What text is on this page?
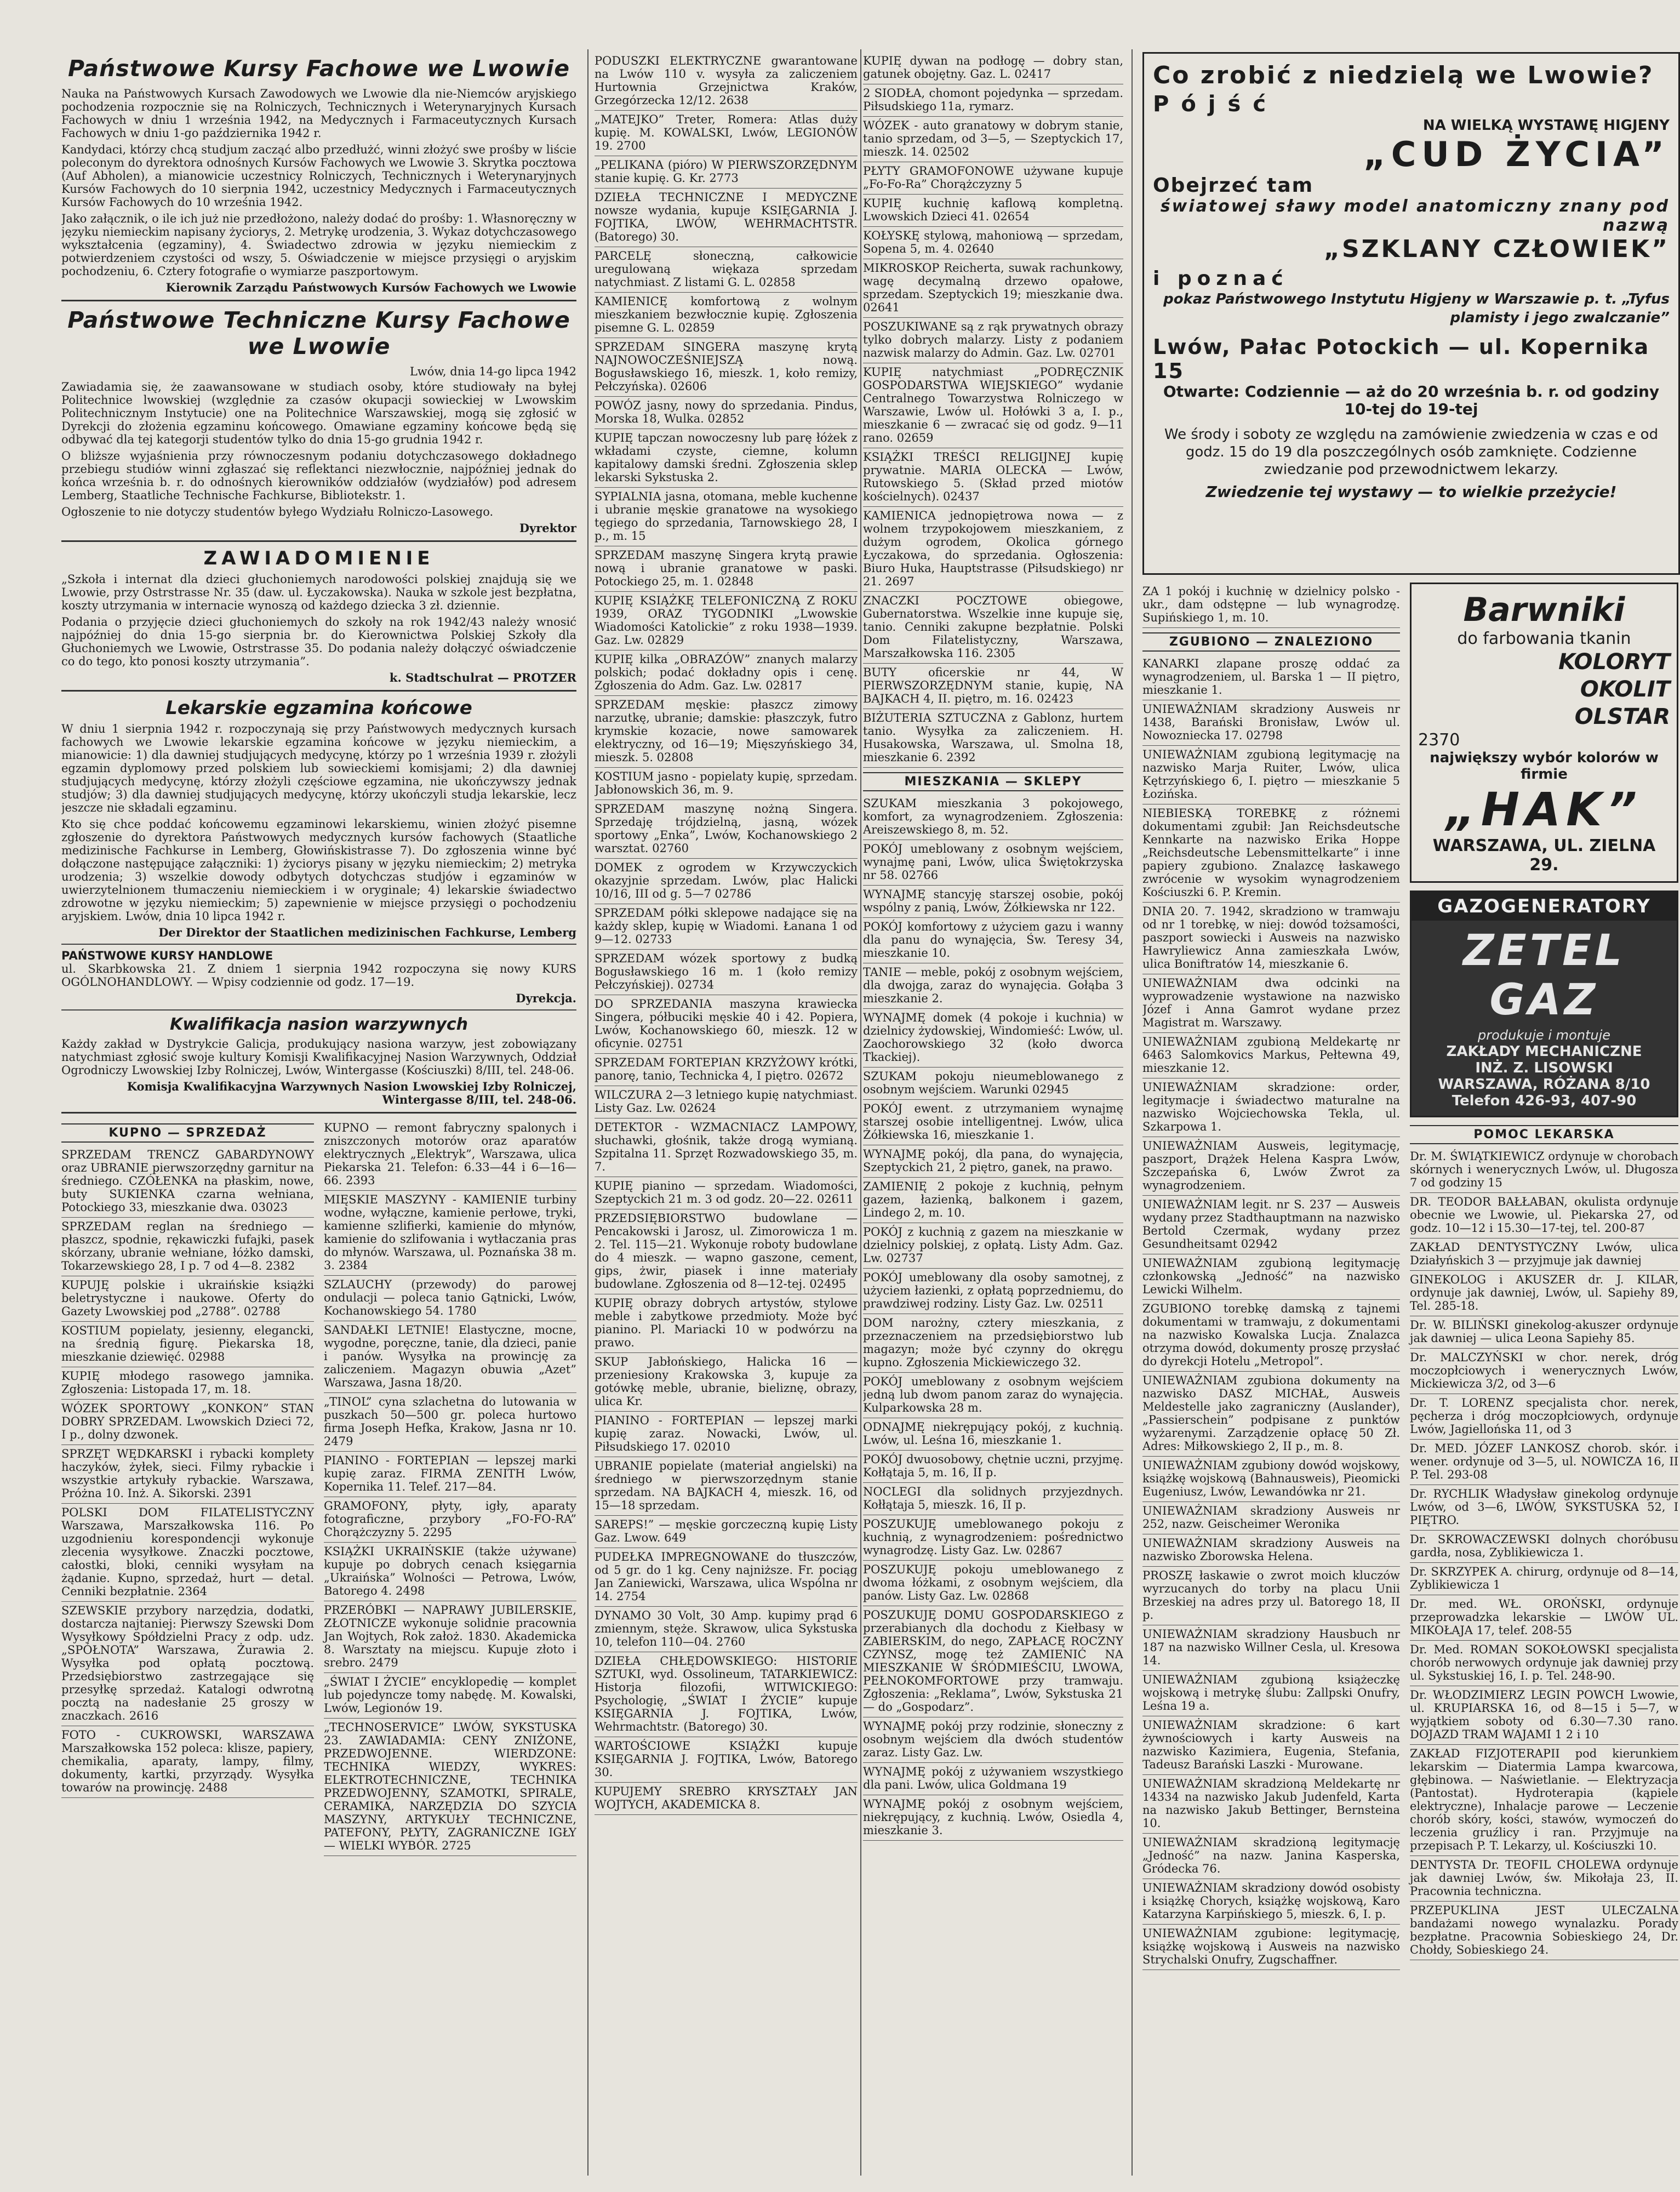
Państwowe Kursy Fachowe we Lwowie

Nauka na Państwowych Kursach Zawodowych we Lwowie dla nie-Niemców aryjskiego pochodzenia rozpocznie się na Rolniczych, Technicznych i Weterynaryjnych Kursach Fachowych w dniu 1 września 1942, na Medycznych i Farmaceutycznych Kursach Fachowych w dniu 1-go października 1942 r.

Kandydaci, którzy chcą studjum zacząć albo przedłużć, winni złożyć swe prośby w liście poleconym do dyrektora odnośnych Kursów Fachowych we Lwowie 3. Skrytka pocztowa (Auf Abholen), a mianowicie uczestnicy Rolniczych, Technicznych i Weterynaryjnych Kursów Fachowych do 10 sierpnia 1942, uczestnicy Medycznych i Farmaceutycznych Kursów Fachowych do 10 września 1942.

Jako załącznik, o ile ich już nie przedłożono, należy dodać do prośby: 1. Własnoręczny w języku niemieckim napisany życiorys, 2. Metrykę urodzenia, 3. Wykaz dotychczasowego wykształcenia (egzaminy), 4. Świadectwo zdrowia w języku niemieckim z potwierdzeniem czystości od wszy, 5. Oświadczenie w miejsce przysięgi o aryjskim pochodzeniu, 6. Cztery fotografie o wymiarze paszportowym.

Kierownik Zarządu Państwowych Kursów Fachowych we Lwowie
Państwowe Techniczne Kursy Fachowe we Lwowie
Lwów, dnia 14-go lipca 1942

Zawiadamia się, że zaawansowane w studiach osoby, które studiowały na byłej Politechnice lwowskiej (względnie za czasów okupacji sowieckiej w Lwowskim Politechnicznym Instytucie) one na Politechnice Warszawskiej, mogą się zgłosić w Dyrekcji do złożenia egzaminu końcowego. Omawiane egzaminy końcowe będą się odbywać dla tej kategorji studentów tylko do dnia 15-go grudnia 1942 r.

O bliższe wyjaśnienia przy równoczesnym podaniu dotychczasowego dokładnego przebiegu studiów winni zgłaszać się reflektanci niezwłocznie, najpóźniej jednak do końca września b. r. do odnośnych kierowników oddziałów (wydziałów) pod adresem Lemberg, Staatliche Technische Fachkurse, Bibliotekstr. 1.

Ogłoszenie to nie dotyczy studentów byłego Wydziału Rolniczo-Lasowego.

Dyrektor
ZAWIADOMIENIE

„Szkoła i internat dla dzieci głuchoniemych narodowości polskiej znajdują się we Lwowie, przy Ostrstrasse Nr. 35 (daw. ul. Łyczakowska). Nauka w szkole jest bezpłatna, koszty utrzymania w internacie wynoszą od każdego dziecka 3 zł. dziennie.

Podania o przyjęcie dzieci głuchoniemych do szkoły na rok 1942/43 należy wnosić najpóźniej do dnia 15-go sierpnia br. do Kierownictwa Polskiej Szkoły dla Głuchoniemych we Lwowie, Ostrstrasse 35. Do podania należy dołączyć oświadczenie co do tego, kto ponosi koszty utrzymania”.

k. Stadtschulrat — PROTZER
Lekarskie egzamina końcowe

W dniu 1 sierpnia 1942 r. rozpoczynają się przy Państwowych medycznych kursach fachowych we Lwowie lekarskie egzamina końcowe w języku niemieckim, a mianowicie: 1) dla dawniej studjujących medycynę, którzy po 1 września 1939 r. złożyli egzamin dyplomowy przed polskiem lub sowieckiemi komisjami; 2) dla dawniej studjujących medycynę, którzy złożyli częściowe egzamina, nie ukończywszy jednak studjów; 3) dla dawniej studjujących medycynę, którzy ukończyli studja lekarskie, lecz jeszcze nie składali egzaminu.

Kto się chce poddać końcowemu egzaminowi lekarskiemu, winien złożyć pisemne zgłoszenie do dyrektora Państwowych medycznych kursów fachowych (Staatliche medizinische Fachkurse in Lemberg, Głowińskistrasse 7). Do zgłoszenia winne być dołączone następujące załączniki: 1) życiorys pisany w języku niemieckim; 2) metryka urodzenia; 3) wszelkie dowody odbytych dotychczas studjów i egzaminów w uwierzytelnionem tłumaczeniu niemieckiem i w oryginale; 4) lekarskie świadectwo zdrowotne w języku niemieckim; 5) zapewnienie w miejsce przysięgi o pochodzeniu aryjskiem. Lwów, dnia 10 lipca 1942 r.

Der Direktor der Staatlichen medizinischen Fachkurse, Lemberg
PAŃSTWOWE KURSY HANDLOWE

ul. Skarbkowska 21. Z dniem 1 sierpnia 1942 rozpoczyna się nowy KURS OGÓLNOHANDLOWY. — Wpisy codziennie od godz. 17—19.

Dyrekcja.
Kwalifikacja nasion warzywnych

Każdy zakład w Dystrykcie Galicja, produkujący nasiona warzyw, jest zobowiązany natychmiast zgłosić swoje kultury Komisji Kwalifikacyjnej Nasion Warzywnych, Oddział Ogrodniczy Lwowskiej Izby Rolniczej, Lwów, Wintergasse (Kościuszki) 8/III, tel. 248-06.

Komisja Kwalifikacyjna Warzywnych Nasion Lwowskiej Izby Rolniczej, Wintergasse 8/III, tel. 248-06.
KUPNO — SPRZEDAŻ

SPRZEDAM TRENCZ GABARDYNOWY oraz UBRANIE pierwszorzędny garnitur na średniego. CZÓŁENKA na płaskim, nowe, buty SUKIENKA czarna wełniana, Potockiego 33, mieszkanie dwa. 03023

SPRZEDAM reglan na średniego — płaszcz, spodnie, rękawiczki fufajki, pasek skórzany, ubranie wełniane, łóżko damski, Tokarzewskiego 28, I p. 7 od 4—8. 2382

KUPUJĘ polskie i ukraińskie książki beletrystyczne i naukowe. Oferty do Gazety Lwowskiej pod „2788”. 02788

KOSTIUM popielaty, jesienny, elegancki, na średnią figurę. Piekarska 18, mieszkanie dziewięć. 02988

KUPIĘ młodego rasowego jamnika. Zgłoszenia: Listopada 17, m. 18.

WÓZEK SPORTOWY „KONKON” STAN DOBRY SPRZEDAM. Lwowskich Dzieci 72, I p., dolny dzwonek.

SPRZĘT WĘDKARSKI i rybacki komplety haczyków, żyłek, sieci. Filmy rybackie i wszystkie artykuły rybackie. Warszawa, Próżna 10. Inż. A. Sikorski. 2391

POLSKI DOM FILATELISTYCZNY Warszawa, Marszałkowska 116. Po uzgodnieniu korespondencji wykonuje zlecenia wysyłkowe. Znaczki pocztowe, całostki, bloki, cenniki wysyłam na żądanie. Kupno, sprzedaż, hurt — detal. Cenniki bezpłatnie. 2364

SZEWSKIE przybory narzędzia, dodatki, dostarcza najtaniej: Pierwszy Szewski Dom Wysyłkowy Spółdzielni Pracy z odp. udz. „SPÓŁNOTA” Warszawa, Żurawia 2. Wysyłka pod opłatą pocztową. Przedsiębiorstwo zastrzegające się przesyłkę sprzedaż. Katalogi odwrotną pocztą na nadesłanie 25 groszy w znaczkach. 2616

FOTO - CUKROWSKI, WARSZAWA Marszałkowska 152 poleca: klisze, papiery, chemikalia, aparaty, lampy, filmy, dokumenty, kartki, przyrządy. Wysyłka towarów na prowincję. 2488

KUPNO — remont fabryczny spalonych i zniszczonych motorów oraz aparatów elektrycznych „Elektryk”, Warszawa, ulica Piekarska 21. Telefon: 6.33—44 i 6—16—66. 2393

MIĘSKIE MASZYNY - KAMIENIE turbiny wodne, wyłączne, kamienie perłowe, tryki, kamienne szlifierki, kamienie do młynów, kamienie do szlifowania i wytłaczania pras do młynów. Warszawa, ul. Poznańska 38 m. 3. 2384

SZLAUCHY (przewody) do parowej ondulacji — poleca tanio Gątnicki, Lwów, Kochanowskiego 54. 1780

SANDAŁKI LETNIE! Elastyczne, mocne, wygodne, poręczne, tanie, dla dzieci, panie i panów. Wysyłka na prowincję za zaliczeniem. Magazyn obuwia „Azet” Warszawa, Jasna 18/20.

„TINOL” cyna szlachetna do lutowania w puszkach 50—500 gr. poleca hurtowo firma Joseph Hefka, Krakow, Jasna nr 10. 2479

PIANINO - FORTEPIAN — lepszej marki kupię zaraz. FIRMA ZENITH Lwów, Kopernika 11. Telef. 217—84.

GRAMOFONY, płyty, igły, aparaty fotograficzne, przybory „FO-FO-RA” Chorążczyzny 5. 2295

KSIĄŻKI UKRAIŃSKIE (także używane) kupuje po dobrych cenach księgarnia „Ukraińska” Wolności — Petrowa, Lwów, Batorego 4. 2498

PRZERÓBKI — NAPRAWY JUBILERSKIE, ZŁOTNICZE wykonuje solidnie pracownia Jan Wojtych, Rok założ. 1830. Akademicka 8. Warsztaty na miejscu. Kupuje złoto i srebro. 2479

„ŚWIAT I ŻYCIE” encyklopedię — komplet lub pojedyncze tomy nabędę. M. Kowalski, Lwów, Legionów 19.

„TECHNOSERVICE” LWÓW, SYKSTUSKA 23. ZAWIADAMIA: CENY ZNIŻONE, PRZEDWOJENNE. WIERDZONE: TECHNIKA WIEDZY, WYKRES: ELEKTROTECHNICZNE, TECHNIKA PRZEDWOJENNY, SZAMOTKI, SPIRALE, CERAMIKA, NARZĘDZIA DO SZYCIA MASZYNY, ARTYKUŁY TECHNICZNE, PATEFONY, PŁYTY, ZAGRANICZNE IGŁY — WIELKI WYBÓR. 2725

PODUSZKI ELEKTRYCZNE gwarantowane na Lwów 110 v. wysyła za zaliczeniem Hurtownia Grzejnictwa Kraków, Grzegórzecka 12/12. 2638

„MATEJKO” Treter, Romera: Atlas duży kupię. M. KOWALSKI, Lwów, LEGIONÓW 19. 2700

„PELIKANA (pióro) W PIERWSZORZĘDNYM stanie kupię. G. Kr. 2773

DZIEŁA TECHNICZNE I MEDYCZNE nowsze wydania, kupuje KSIĘGARNIA J. FOJTIKA, LWÓW, WEHRMACHTSTR. (Batorego) 30.

PARCELĘ słoneczną, całkowicie uregulowaną więkaza sprzedam natychmiast. Z listami G. L. 02858

KAMIENICĘ komfortową z wolnym mieszkaniem bezwłocznie kupię. Zgłoszenia pisemne G. L. 02859

SPRZEDAM SINGERA maszynę krytą NAJNOWOCZEŚNIEJSZĄ nową. Bogusławskiego 16, mieszk. 1, koło remizy, Pełczyńska). 02606

POWÓZ jasny, nowy do sprzedania. Pindus, Morska 18, Wulka. 02852

KUPIĘ tapczan nowoczesny lub parę łóżek z wkładami czyste, ciemne, kolumn kapitalowy damski średni. Zgłoszenia sklep lekarski Sykstuska 2.

SYPIALNIA jasna, otomana, meble kuchenne i ubranie męskie granatowe na wysokiego tęgiego do sprzedania, Tarnowskiego 28, I p., m. 15

SPRZEDAM maszynę Singera krytą prawie nową i ubranie granatowe w paski. Potockiego 25, m. 1. 02848

KUPIĘ KSIĄŻKĘ TELEFONICZNĄ Z ROKU 1939, ORAZ TYGODNIKI „Lwowskie Wiadomości Katolickie” z roku 1938—1939. Gaz. Lw. 02829

KUPIĘ kilka „OBRAZÓW” znanych malarzy polskich; podać dokładny opis i cenę. Zgłoszenia do Adm. Gaz. Lw. 02817

SPRZEDAM męskie: płaszcz zimowy narzutkę, ubranie; damskie: płaszczyk, futro krymskie kozacie, nowe samowarek elektryczny, od 16—19; Mięszyńskiego 34, mieszk. 5. 02808

KOSTIUM jasno - popielaty kupię, sprzedam. Jabłonowskich 36, m. 9.

SPRZEDAM maszynę nożną Singera. Sprzedaję trójdzielną, jasną, wózek sportowy „Enka”, Lwów, Kochanowskiego 2 warsztat. 02760

DOMEK z ogrodem w Krzywczyckich okazyjnie sprzedam. Lwów, plac Halicki 10/16, III od g. 5—7 02786

SPRZEDAM półki sklepowe nadające się na każdy sklep, kupię w Wiadomi. Łanana 1 od 9—12. 02733

SPRZEDAM wózek sportowy z budką Bogusławskiego 16 m. 1 (koło remizy Pełczyńskiej). 02734

DO SPRZEDANIA maszyna krawiecka Singera, półbuciki męskie 40 i 42. Popiera, Lwów, Kochanowskiego 60, mieszk. 12 w oficynie. 02751

SPRZEDAM FORTEPIAN KRZYŻOWY krótki, panorę, tanio, Technicka 4, I piętro. 02672

WILCZURA 2—3 letniego kupię natychmiast. Listy Gaz. Lw. 02624

DETEKTOR - WZMACNIACZ LAMPOWY, słuchawki, głośnik, także drogą wymianą. Szpitalna 11. Sprzęt Rozwadowskiego 35, m. 7.

KUPIĘ pianino — sprzedam. Wiadomości, Szeptyckich 21 m. 3 od godz. 20—22. 02611

PRZEDSIĘBIORSTWO budowlane — Pencakowski i Jarosz, ul. Zimorowicza 1 m. 2. Tel. 115—21. Wykonuje roboty budowlane do 4 mieszk. — wapno gaszone, cement, gips, żwir, piasek i inne materiały budowlane. Zgłoszenia od 8—12-tej. 02495

KUPIĘ obrazy dobrych artystów, stylowe meble i zabytkowe przedmioty. Może być pianino. Pl. Mariacki 10 w podwórzu na prawo.

SKUP Jabłońskiego, Halicka 16 — przeniesiony Krakowska 3, kupuje za gotówkę meble, ubranie, bieliznę, obrazy, ulica Kr.

PIANINO - FORTEPIAN — lepszej marki kupię zaraz. Nowacki, Lwów, ul. Piłsudskiego 17. 02010

UBRANIE popielate (materiał angielski) na średniego w pierwszorzędnym stanie sprzedam. NA BAJKACH 4, mieszk. 16, od 15—18 sprzedam.

SAREPS!” — męskie gorczeczną kupię Listy Gaz. Lwow. 649

PUDEŁKA IMPREGNOWANE do tłuszczów, od 5 gr. do 1 kg. Ceny najniższe. Fr. pociąg Jan Zaniewicki, Warszawa, ulica Wspólna nr 14. 2754

DYNAMO 30 Volt, 30 Amp. kupimy prąd 6 zmiennym, stęże. Skrawow, ulica Sykstuska 10, telefon 110—04. 2760

DZIEŁA CHŁĘDOWSKIEGO: HISTORIE SZTUKI, wyd. Ossolineum, TATARKIEWICZ: Historja filozofii, WITWICKIEGO: Psychologię, „ŚWIAT I ŻYCIE” kupuje KSIĘGARNIA J. FOJTIKA, Lwów, Wehrmachtstr. (Batorego) 30.

WARTOŚCIOWE KSIĄŻKI kupuje KSIĘGARNIA J. FOJTIKA, Lwów, Batorego 30.

KUPUJEMY SREBRO KRYSZTAŁY JAN WOJTYCH, AKADEMICKA 8.

KUPIĘ dywan na podłogę — dobry stan, gatunek obojętny. Gaz. L. 02417

2 SIODŁA, chomont pojedynka — sprzedam. Piłsudskiego 11a, rymarz.

WÓZEK - auto granatowy w dobrym stanie, tanio sprzedam, od 3—5, — Szeptyckich 17, mieszk. 14. 02502

PŁYTY GRAMOFONOWE używane kupuje „Fo-Fo-Ra” Chorążczyzny 5

KUPIĘ kuchnię kaflową kompletną. Lwowskich Dzieci 41. 02654

KOŁYSKĘ stylową, mahoniową — sprzedam, Sopena 5, m. 4. 02640

MIKROSKOP Reicherta, suwak rachunkowy, wagę decymalną drzewo opałowe, sprzedam. Szeptyckich 19; mieszkanie dwa. 02641

POSZUKIWANE są z rąk prywatnych obrazy tylko dobrych malarzy. Listy z podaniem nazwisk malarzy do Admin. Gaz. Lw. 02701

KUPIĘ natychmiast „PODRĘCZNIK GOSPODARSTWA WIEJSKIEGO” wydanie Centralnego Towarzystwa Rolniczego w Warszawie, Lwów ul. Hołówki 3 a, I. p., mieszkanie 6 — zwracać się od godz. 9—11 rano. 02659

KSIĄŻKI TREŚCI RELIGIJNEJ kupię prywatnie. MARIA OLECKA — Lwów, Rutowskiego 5. (Skład przed miotów kościelnych). 02437

KAMIENICA jednopiętrowa nowa — z wolnem trzypokojowem mieszkaniem, z dużym ogrodem, Okolica górnego Łyczakowa, do sprzedania. Ogłoszenia: Biuro Huka, Hauptstrasse (Piłsudskiego) nr 21. 2697

ZNACZKI POCZTOWE obiegowe, Gubernatorstwa. Wszelkie inne kupuje się, tanio. Cenniki zakupne bezpłatnie. Polski Dom Filatelistyczny, Warszawa, Marszałkowska 116. 2305

BUTY oficerskie nr 44, W PIERWSZORZĘDNYM stanie, kupię, NA BAJKACH 4, II. piętro, m. 16. 02423

BIŻUTERIA SZTUCZNA z Gablonz, hurtem tanio. Wysyłka za zaliczeniem. H. Husakowska, Warszawa, ul. Smolna 18, mieszkanie 6. 2392

MIESZKANIA — SKLEPY

SZUKAM mieszkania 3 pokojowego, komfort, za wynagrodzeniem. Zgłoszenia: Areiszewskiego 8, m. 52.

POKÓJ umeblowany z osobnym wejściem, wynajmę pani, Lwów, ulica Świętokrzyska nr 58. 02766

WYNAJMĘ stancyję starszej osobie, pokój wspólny z panią, Lwów, Żółkiewska nr 122.

POKÓJ komfortowy z użyciem gazu i wanny dla panu do wynajęcia, Św. Teresy 34, mieszkanie 10.

TANIE — meble, pokój z osobnym wejściem, dla dwojga, zaraz do wynajęcia. Gołąba 3 mieszkanie 2.

WYNAJMĘ domek (4 pokoje i kuchnia) w dzielnicy żydowskiej, Windomieść: Lwów, ul. Zaochorowskiego 32 (koło dworca Tkackiej).

SZUKAM pokoju nieumeblowanego z osobnym wejściem. Warunki 02945

POKÓJ ewent. z utrzymaniem wynajmę starszej osobie intelligentnej. Lwów, ulica Żółkiewska 16, mieszkanie 1.

WYNAJMĘ pokój, dla pana, do wynajęcia, Szeptyckich 21, 2 piętro, ganek, na prawo.

ZAMIENIĘ 2 pokoje z kuchnią, pełnym gazem, łazienką, balkonem i gazem, Lindego 2, m. 10.

POKÓJ z kuchnią z gazem na mieszkanie w dzielnicy polskiej, z opłatą. Listy Adm. Gaz. Lw. 02737

POKÓJ umeblowany dla osoby samotnej, z użyciem łazienki, z opłatą poprzedniemu, do prawdziwej rodziny. Listy Gaz. Lw. 02511

DOM narożny, cztery mieszkania, z przeznaczeniem na przedsiębiorstwo lub magazyn; może być czynny do okręgu kupno. Zgłoszenia Mickiewiczego 32.

POKÓJ umeblowany z osobnym wejściem jedną lub dwom panom zaraz do wynajęcia. Kulparkowska 28 m.

ODNAJMĘ niekrępujący pokój, z kuchnią. Lwów, ul. Leśna 16, mieszkanie 1.

POKÓJ dwuosobowy, chętnie uczni, przyjmę. Kołłątaja 5, m. 16, II p.

NOCLEGI dla solidnych przyjezdnych. Kołłątaja 5, mieszk. 16, II p.

POSZUKUJĘ umeblowanego pokoju z kuchnią, z wynagrodzeniem: pośrednictwo wynagrodzę. Listy Gaz. Lw. 02867

POSZUKUJĘ pokoju umeblowanego z dwoma łóżkami, z osobnym wejściem, dla panów. Listy Gaz. Lw. 02868

POSZUKUJĘ DOMU GOSPODARSKIEGO z przerabianych dla dochodu z Kiełbasy w ZABIERSKIM, do nego, ZAPŁACĘ ROCZNY CZYNSZ, mogę też ZAMIENIĆ NA MIESZKANIE W ŚRÓDMIEŚCIU, LWOWA, PEŁNOKOMFORTOWE przy tramwaju. Zgłoszenia: „Reklama”, Lwów, Sykstuska 21 — do „Gospodarz”.

WYNAJMĘ pokój przy rodzinie, słoneczny z osobnym wejściem dla dwóch studentów zaraz. Listy Gaz. Lw.

WYNAJMĘ pokój z używaniem wszystkiego dla pani. Lwów, ulica Goldmana 19

WYNAJMĘ pokój z osobnym wejściem, niekrępujący, z kuchnią. Lwów, Osiedla 4, mieszkanie 3.

Co zrobić z niedzielą we Lwowie?
Pójść
NA WIELKĄ WYSTAWĘ HIGJENY
„CUD ŻYCIA”
Obejrzeć tam
światowej sławy model anatomiczny znany pod nazwą
„SZKLANY CZŁOWIEK”
i poznać
pokaz Państwowego Instytutu Higjeny w Warszawie p. t. „Tyfus plamisty i jego zwalczanie”
Lwów, Pałac Potockich — ul. Kopernika 15
Otwarte: Codziennie — aż do 20 września b. r. od godziny 10-tej do 19-tej
We środy i soboty ze względu na zamówienie zwiedzenia w czas e od godz. 15 do 19 dla poszczególnych osób zamknięte. Codzienne zwiedzanie pod przewodnictwem lekarzy.
Zwiedzenie tej wystawy — to wielkie przeżycie!

ZA 1 pokój i kuchnię w dzielnicy polsko - ukr., dam odstępne — lub wynagrodzę. Supińskiego 1, m. 10.

ZGUBIONO — ZNALEZIONO

KANARKI zlapane proszę oddać za wynagrodzeniem, ul. Barska 1 — II piętro, mieszkanie 1.

UNIEWAŻNIAM skradziony Ausweis nr 1438, Barański Bronisław, Lwów ul. Nowozniecka 17. 02798

UNIEWAŻNIAM zgubioną legitymację na nazwisko Marja Ruiter, Lwów, ulica Kętrzyńskiego 6, I. piętro — mieszkanie 5 Łozińska.

NIEBIESKĄ TOREBKĘ z różnemi dokumentami zgubił: Jan Reichsdeutsche Kennkarte na nazwisko Erika Hoppe „Reichsdeutsche Lebensmittelkarte” i inne papiery zgubiono. Znalazcę łaskawego zwrócenie w wysokim wynagrodzeniem Kościuszki 6. P. Kremin.

DNIA 20. 7. 1942, skradziono w tramwaju od nr 1 torebkę, w niej: dowód tożsamości, paszport sowiecki i Ausweis na nazwisko Hawryliewicz Anna zamieszkała Lwów, ulica Boniftratów 14, mieszkanie 6.

UNIEWAŻNIAM dwa odcinki na wyprowadzenie wystawione na nazwisko Józef i Anna Gamrot wydane przez Magistrat m. Warszawy.

UNIEWAŻNIAM zgubioną Meldekartę nr 6463 Salomkovics Markus, Pełtewna 49, mieszkanie 12.

UNIEWAŻNIAM skradzione: order, legitymacje i świadectwo maturalne na nazwisko Wojciechowska Tekla, ul. Szkarpowa 1.

UNIEWAŻNIAM Ausweis, legitymację, paszport, Drążek Helena Kaspra Lwów, Szczepańska 6, Lwów Zwrot za wynagrodzeniem.

UNIEWAŻNIAM legit. nr S. 237 — Ausweis wydany przez Stadthauptmann na nazwisko Bertold Czermak, wydany przez Gesundheitsamt 02942

UNIEWAŻNIAM zgubioną legitymację członkowską „Jedność” na nazwisko Lewicki Wilhelm.

ZGUBIONO torebkę damską z tajnemi dokumentami w tramwaju, z dokumentami na nazwisko Kowalska Lucja. Znalazca otrzyma dowód, dokumenty proszę przysłać do dyrekcji Hotelu „Metropol”.

UNIEWAŻNIAM zgubiona dokumenty na nazwisko DASZ MICHAŁ, Ausweis Meldestelle jako zagraniczny (Auslander), „Passierschein” podpisane z punktów wyżarenymi. Zarządzenie opłacę 50 Zł. Adres: Miłkowskiego 2, II p., m. 8.

UNIEWAŻNIAM zgubiony dowód wojskowy, książkę wojskową (Bahnausweis), Pieomicki Eugeniusz, Lwów, Lewandówka nr 21.

UNIEWAŻNIAM skradziony Ausweis nr 252, nazw. Geischeimer Weronika

UNIEWAŻNIAM skradziony Ausweis na nazwisko Zborowska Helena.

PROSZĘ łaskawie o zwrot moich kluczów wyrzucanych do torby na placu Unii Brzeskiej na adres przy ul. Batorego 18, II p.

UNIEWAŻNIAM skradziony Hausbuch nr 187 na nazwisko Willner Cesla, ul. Kresowa 14.

UNIEWAŻNIAM zgubioną książeczkę wojskową i metrykę ślubu: Zallpski Onufry, Leśna 19 a.

UNIEWAŻNIAM skradzione: 6 kart żywnościowych i karty Ausweis na nazwisko Kazimiera, Eugenia, Stefania, Tadeusz Barański Laszki - Murowane.

UNIEWAŻNIAM skradzioną Meldekartę nr 14334 na nazwisko Jakub Judenfeld, Karta na nazwisko Jakub Bettinger, Bernsteina 10.

UNIEWAŻNIAM skradzioną legitymację „Jedność” na nazw. Janina Kasperska, Gródecka 76.

UNIEWAŻNIAM skradziony dowód osobisty i książkę Chorych, książkę wojskową, Karo Katarzyna Karpińskiego 5, mieszk. 6, I. p.

UNIEWAŻNIAM zgubione: legitymację, książkę wojskową i Ausweis na nazwisko Strychalski Onufry, Zugschaffner.

Barwniki
do farbowania tkanin
KOLORYT
OKOLIT
OLSTAR
2370
największy wybór kolorów w firmie
„HAK”
WARSZAWA, UL. ZIELNA 29.
GAZOGENERATORY
ZETEL GAZ
produkuje i montuje
ZAKŁADY MECHANICZNE
INŻ. Z. LISOWSKI
WARSZAWA, RÓŻANA 8/10
Telefon 426-93, 407-90
POMOC LEKARSKA

Dr. M. ŚWIĄTKIEWICZ ordynuje w chorobach skórnych i wenerycznych Lwów, ul. Długosza 7 od godziny 15

DR. TEODOR BAŁŁABAN, okulista ordynuje obecnie we Lwowie, ul. Piekarska 27, od godz. 10—12 i 15.30—17-tej, tel. 200-87

ZAKŁAD DENTYSTYCZNY Lwów, ulica Działyńskich 3 — przyjmuje jak dawniej

GINEKOLOG i AKUSZER dr. J. KILAR, ordynuje jak dawniej, Lwów, ul. Sapiehy 89, Tel. 285-18.

Dr. W. BILIŃSKI ginekolog-akuszer ordynuje jak dawniej — ulica Leona Sapiehy 85.

Dr. MALCZYŃSKI w chor. nerek, dróg moczopłciowych i wenerycznych Lwów, Mickiewicza 3/2, od 3—6

Dr. T. LORENZ specjalista chor. nerek, pęcherza i dróg moczopłciowych, ordynuje Lwów, Jagiellońska 11, od 3

Dr. MED. JÓZEF LANKOSZ chorob. skór. i wener. ordynuje od 3—5, ul. NOWICZA 16, II P. Tel. 293-08

Dr. RYCHLIK Władysław ginekolog ordynuje Lwów, od 3—6, LWÓW, SYKSTUSKA 52, I PIĘTRO.

Dr. SKROWACZEWSKI dolnych choróbusu gardła, nosa, Zyblikiewicza 1.

Dr. SKRZYPEK A. chirurg, ordynuje od 8—14, Zyblikiewicza 1

Dr. med. WŁ. OROŃSKI, ordynuje przeprowadzka lekarskie — LWÓW UL. MIKOŁAJA 17, telef. 208-55

Dr. Med. ROMAN SOKOŁOWSKI specjalista chorób nerwowych ordynuje jak dawniej przy ul. Sykstuskiej 16, I. p. Tel. 248-90.

Dr. WŁODZIMIERZ LEGIN POWCH Lwowie, ul. KRUPIARSKA 16, od 8—15 i 5—7, w wyjątkiem soboty od 6.30—7.30 rano. DOJAZD TRAM WAJAMI 1 2 i 10

ZAKŁAD FIZJOTERAPII pod kierunkiem lekarskim — Diatermia Lampa kwarcowa, głębinowa. — Naświetlanie. — Elektryzacja (Pantostat). Hydroterapia (kąpiele elektryczne), Inhalacje parowe — Leczenie chorób skóry, kości, stawów, wymoczeń do leczenia gruźlicy i ran. Przyjmuje na przepisach P. T. Lekarzy, ul. Kościuszki 10.

DENTYSTA Dr. TEOFIL CHOLEWA ordynuje jak dawniej Lwów, św. Mikołaja 23, II. Pracownia techniczna.

PRZEPUKLINA JEST ULECZALNA bandażami nowego wynalazku. Porady bezpłatne. Pracownia Sobieskiego 24, Dr. Chołdy, Sobieskiego 24.
